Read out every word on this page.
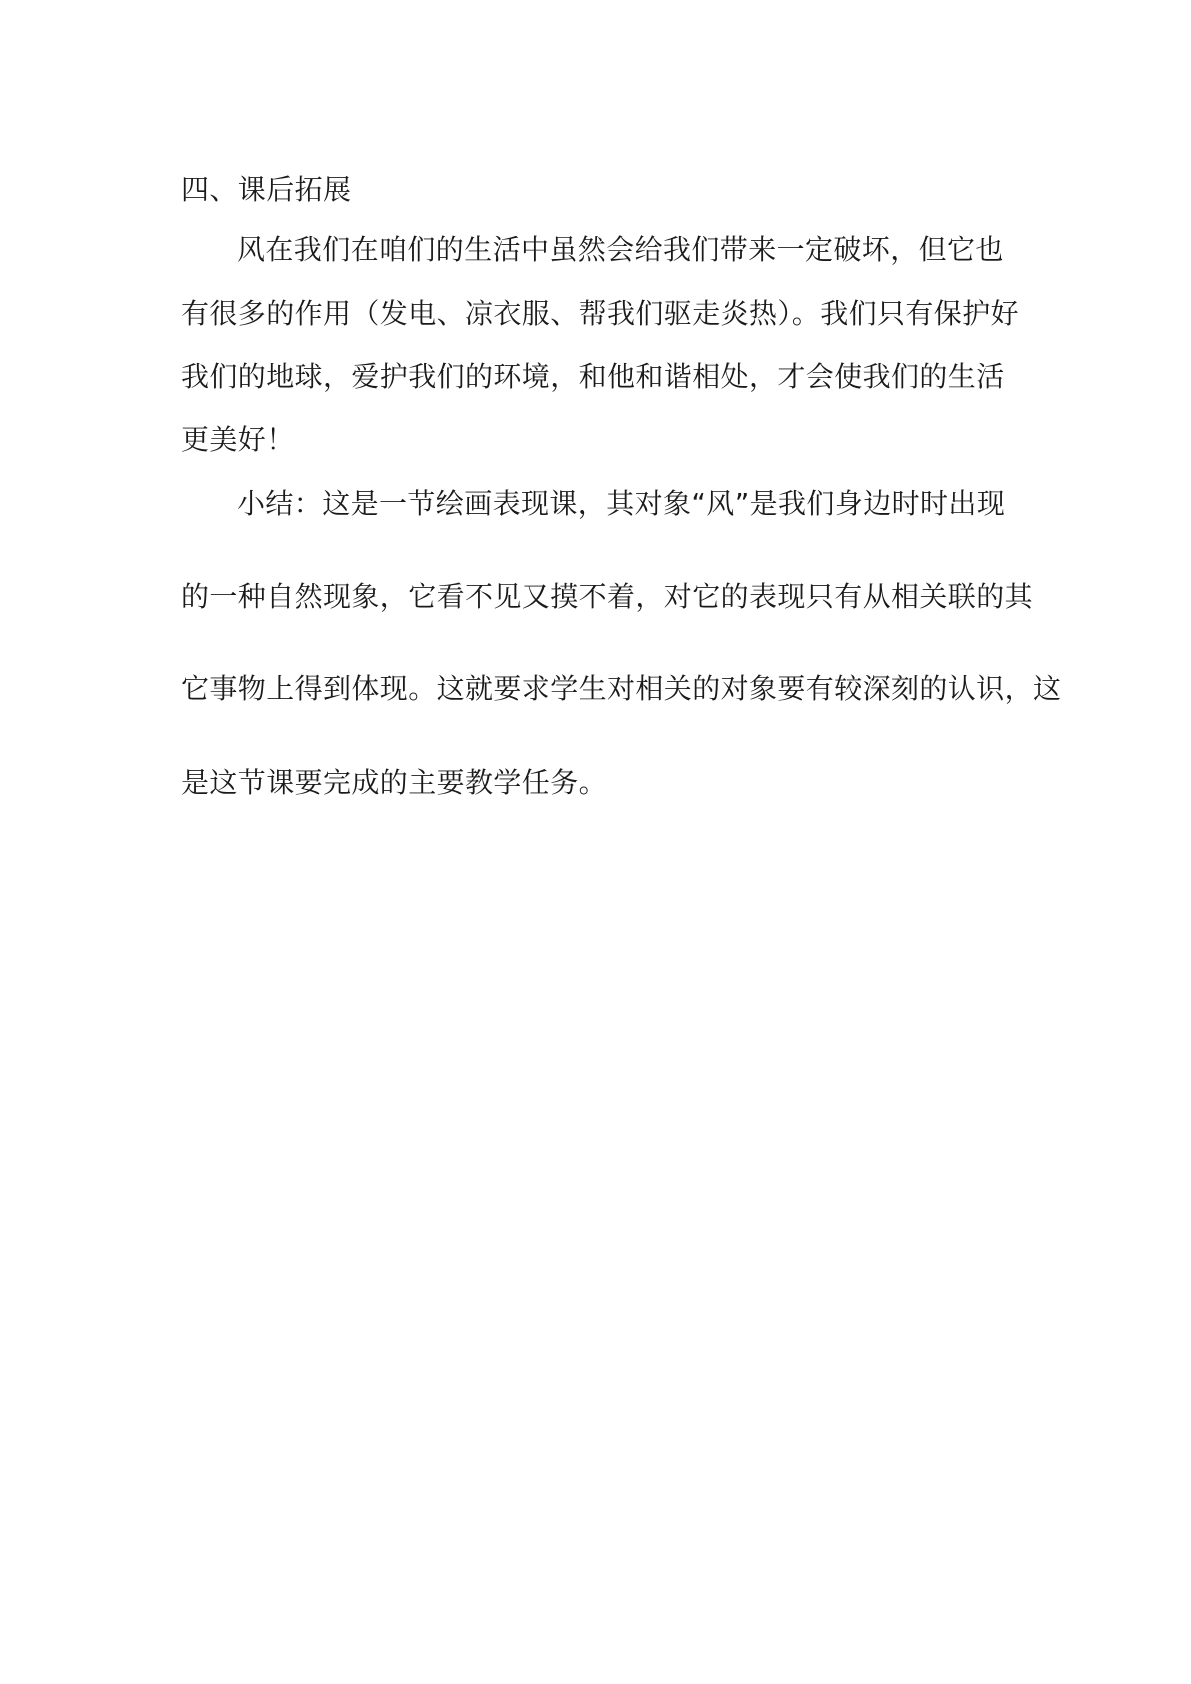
四、课后拓展
风在我们在咱们的生活中虽然会给我们带来一定破坏，但它也
有很多的作用（发电、凉衣服、帮我们驱走炎热）。我们只有保护好
我们的地球，爱护我们的环境，和他和谐相处，才会使我们的生活
更美好！
小结：这是一节绘画表现课，其对象“风”是我们身边时时出现
的一种自然现象，它看不见又摸不着，对它的表现只有从相关联的其
它事物上得到体现。这就要求学生对相关的对象要有较深刻的认识，这
是这节课要完成的主要教学任务。
